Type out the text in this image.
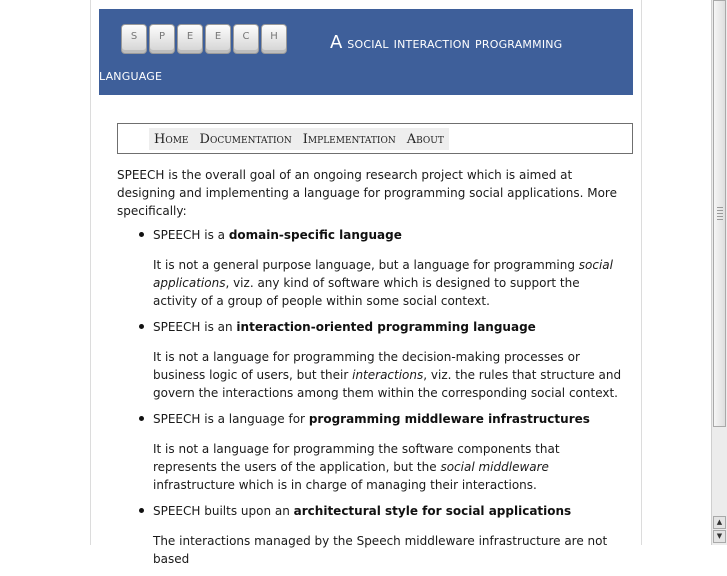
S	P	E	E	C	H	A social interaction programming
language
Home Documentation Implementation About

SPEECH is the overall goal of an ongoing research project which is aimed at designing and implementing a language for programming social applications. More specifically:

SPEECH is a domain-specific language

It is not a general purpose language, but a language for programming social applications, viz. any kind of software which is designed to support the activity of a group of people within some social context.

SPEECH is an interaction-oriented programming language

It is not a language for programming the decision-making processes or business logic of users, but their interactions, viz. the rules that structure and govern the interactions among them within the corresponding social context.

SPEECH is a language for programming middleware infrastructures

It is not a language for programming the software components that represents the users of the application, but the social middleware infrastructure which is in charge of managing their interactions.

SPEECH builts upon an architectural style for social applications

The interactions managed by the Speech middleware infrastructure are not based

▲
▼
